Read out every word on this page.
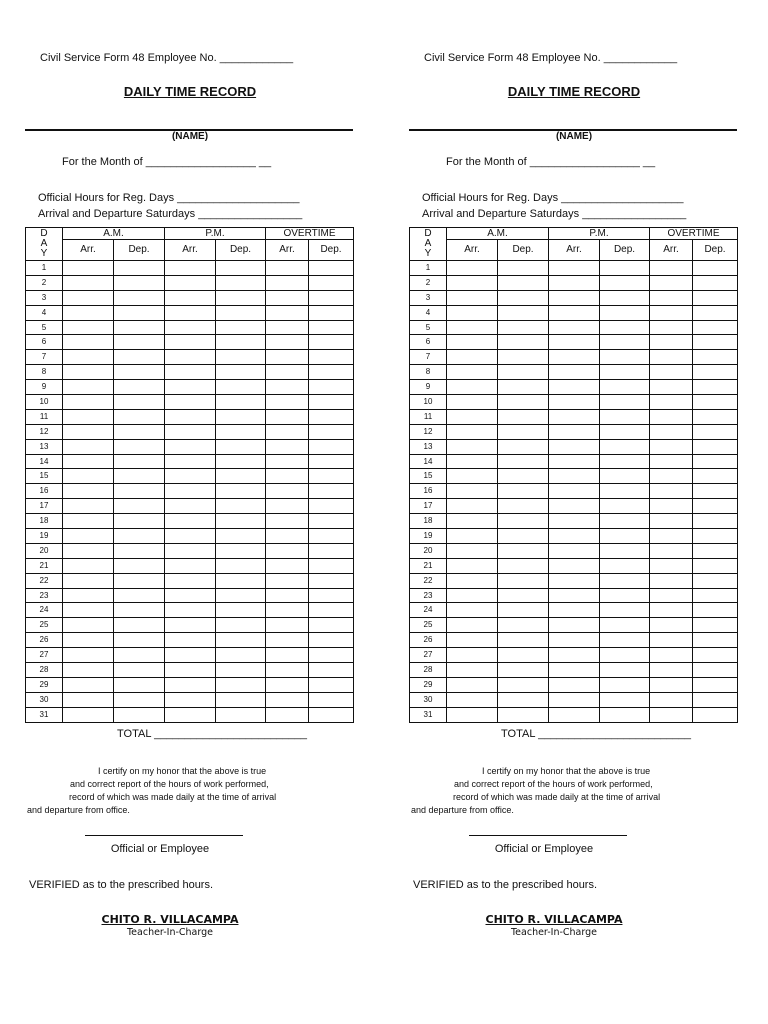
Civil Service Form 48 Employee No. ____________
DAILY TIME RECORD
(NAME)
For the Month of __________________ __
Official Hours for Reg. Days ____________________
Arrival and Departure Saturdays _________________
D
A
Y	A.M.		P.M.		OVERTIME	
	Arr.	Dep.	Arr.	Dep.	Arr.	Dep.
1						
2						
3						
4						
5						
6						
7						
8						
9						
10						
11						
12						
13						
14						
15						
16						
17						
18						
19						
20						
21						
22						
23						
24						
25						
26						
27						
28						
29						
30						
31						
TOTAL _________________________
I certify on my honor that the above is true
and correct report of the hours of work performed,
record of which was made daily at the time of arrival
and departure from office.
Official or Employee
VERIFIED as to the prescribed hours.
CHITO R. VILLACAMPA
Teacher-In-Charge
Civil Service Form 48 Employee No. ____________
DAILY TIME RECORD
(NAME)
For the Month of __________________ __
Official Hours for Reg. Days ____________________
Arrival and Departure Saturdays _________________
D
A
Y	A.M.		P.M.		OVERTIME	
	Arr.	Dep.	Arr.	Dep.	Arr.	Dep.
1						
2						
3						
4						
5						
6						
7						
8						
9						
10						
11						
12						
13						
14						
15						
16						
17						
18						
19						
20						
21						
22						
23						
24						
25						
26						
27						
28						
29						
30						
31						
TOTAL _________________________
I certify on my honor that the above is true
and correct report of the hours of work performed,
record of which was made daily at the time of arrival
and departure from office.
Official or Employee
VERIFIED as to the prescribed hours.
CHITO R. VILLACAMPA
Teacher-In-Charge
